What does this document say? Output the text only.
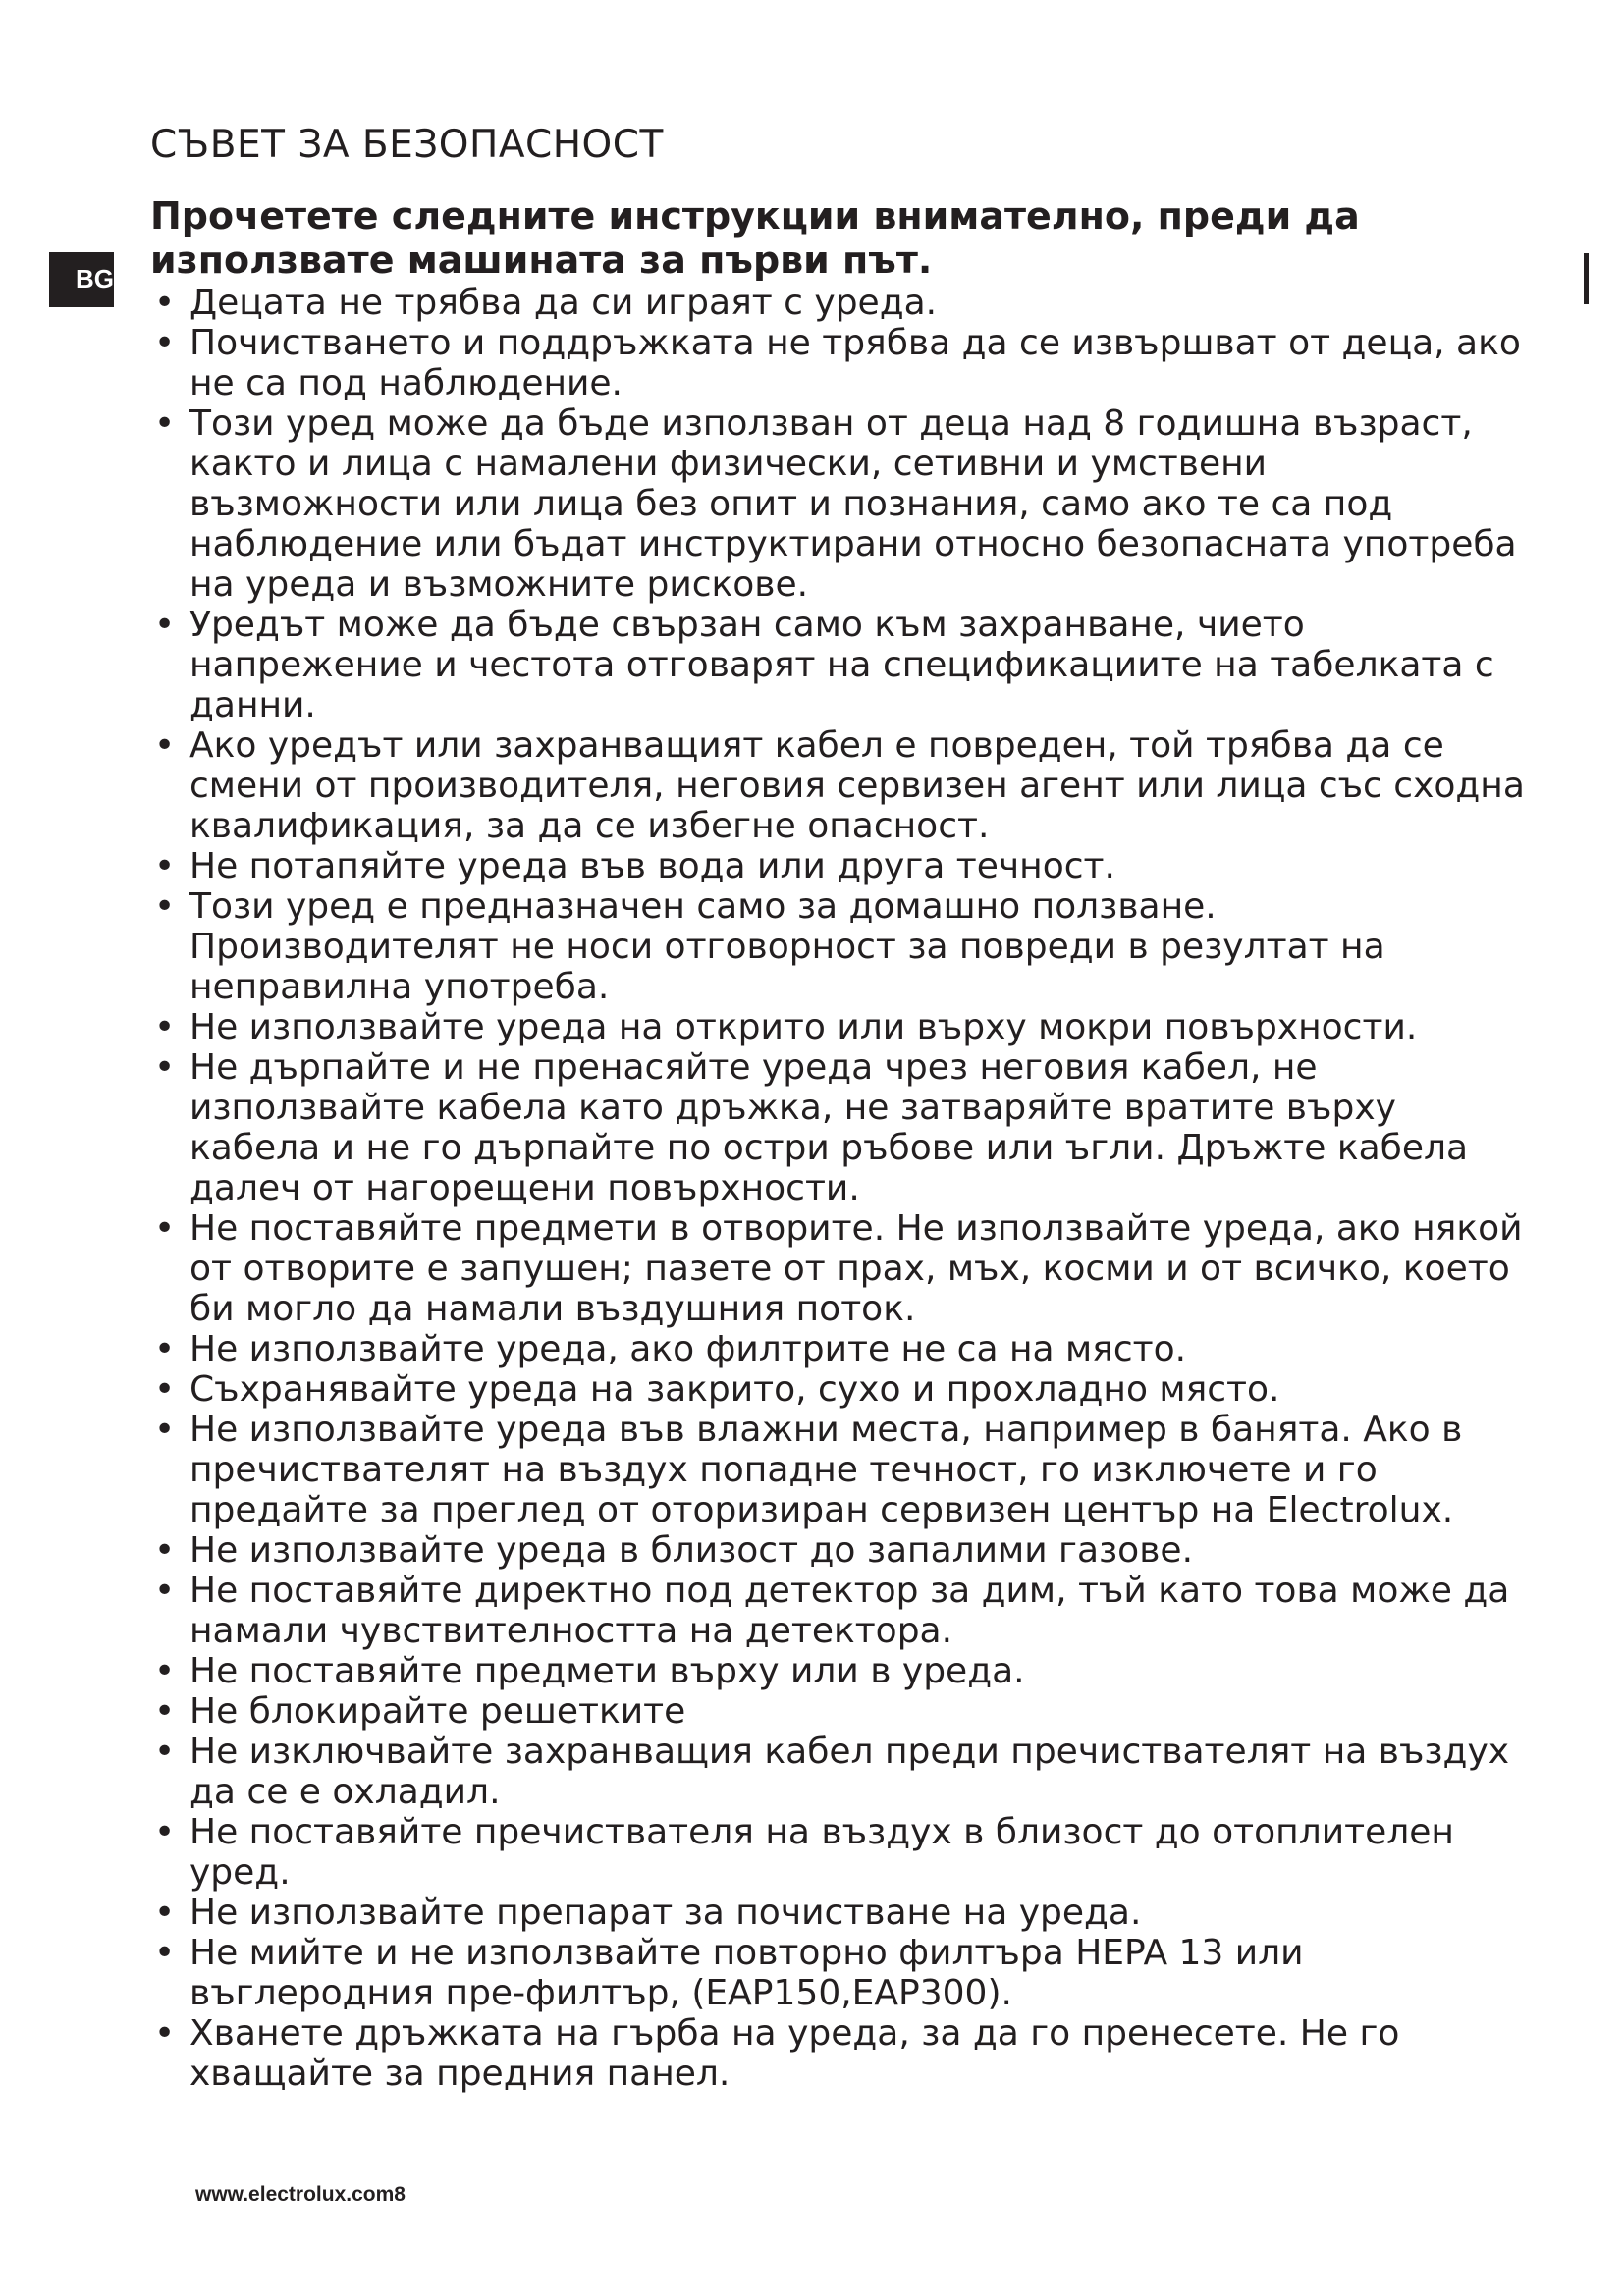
СЪВЕТ ЗА БЕЗОПАСНОСТ
BG

Прочетете следните инструкции внимателно, преди да използвате машината за първи път.

• Децата не трябва да си играят с уреда.
• Почистването и поддръжката не трябва да се извършват от деца, ако не са под наблюдение.
• Този уред може да бъде използван от деца над 8 годишна възраст, както и лица с намалени физически, сетивни и умствени възможности или лица без опит и познания, само ако те са под наблюдение или бъдат инструктирани относно безопасната употреба на уреда и възможните рискове.
• Уредът може да бъде свързан само към захранване, чието напрежение и честота отговарят на спецификациите на табелката с данни.
• Ако уредът или захранващият кабел е повреден, той трябва да се смени от производителя, неговия сервизен агент или лица със сходна квалификация, за да се избегне опасност.
• Не потапяйте уреда във вода или друга течност.
• Този уред е предназначен само за домашно ползване. Производителят не носи отговорност за повреди в резултат на неправилна употреба.
• Не използвайте уреда на открито или върху мокри повърхности.
• Не дърпайте и не пренасяйте уреда чрез неговия кабел, не използвайте кабела като дръжка, не затваряйте вратите върху кабела и не го дърпайте по остри ръбове или ъгли. Дръжте кабела далеч от нагорещени повърхности.
• Не поставяйте предмети в отворите. Не използвайте уреда, ако някой от отворите е запушен; пазете от прах, мъх, косми и от всичко, което би могло да намали въздушния поток.
• Не използвайте уреда, ако филтрите не са на място.
• Съхранявайте уреда на закрито, сухо и прохладно място.
• Не използвайте уреда във влажни места, например в банята. Ако в пречиствателят на въздух попадне течност, го изключете и го предайте за преглед от оторизиран сервизен център на Electrolux.
• Не използвайте уреда в близост до запалими газове.
• Не поставяйте директно под детектор за дим, тъй като това може да намали чувствителността на детектора.
• Не поставяйте предмети върху или в уреда.
• Не блокирайте решетките
• Не изключвайте захранващия кабел преди пречиствателят на въздух да се е охладил.
• Не поставяйте пречиствателя на въздух в близост до отоплителен уред.
• Не използвайте препарат за почистване на уреда.
• Не мийте и не използвайте повторно филтъра HEPA 13 или въглеродния пре-филтър, (EAP150,EAP300).
• Хванете дръжката на гърба на уреда, за да го пренесете. Не го хващайте за предния панел.
www.electrolux.com8
